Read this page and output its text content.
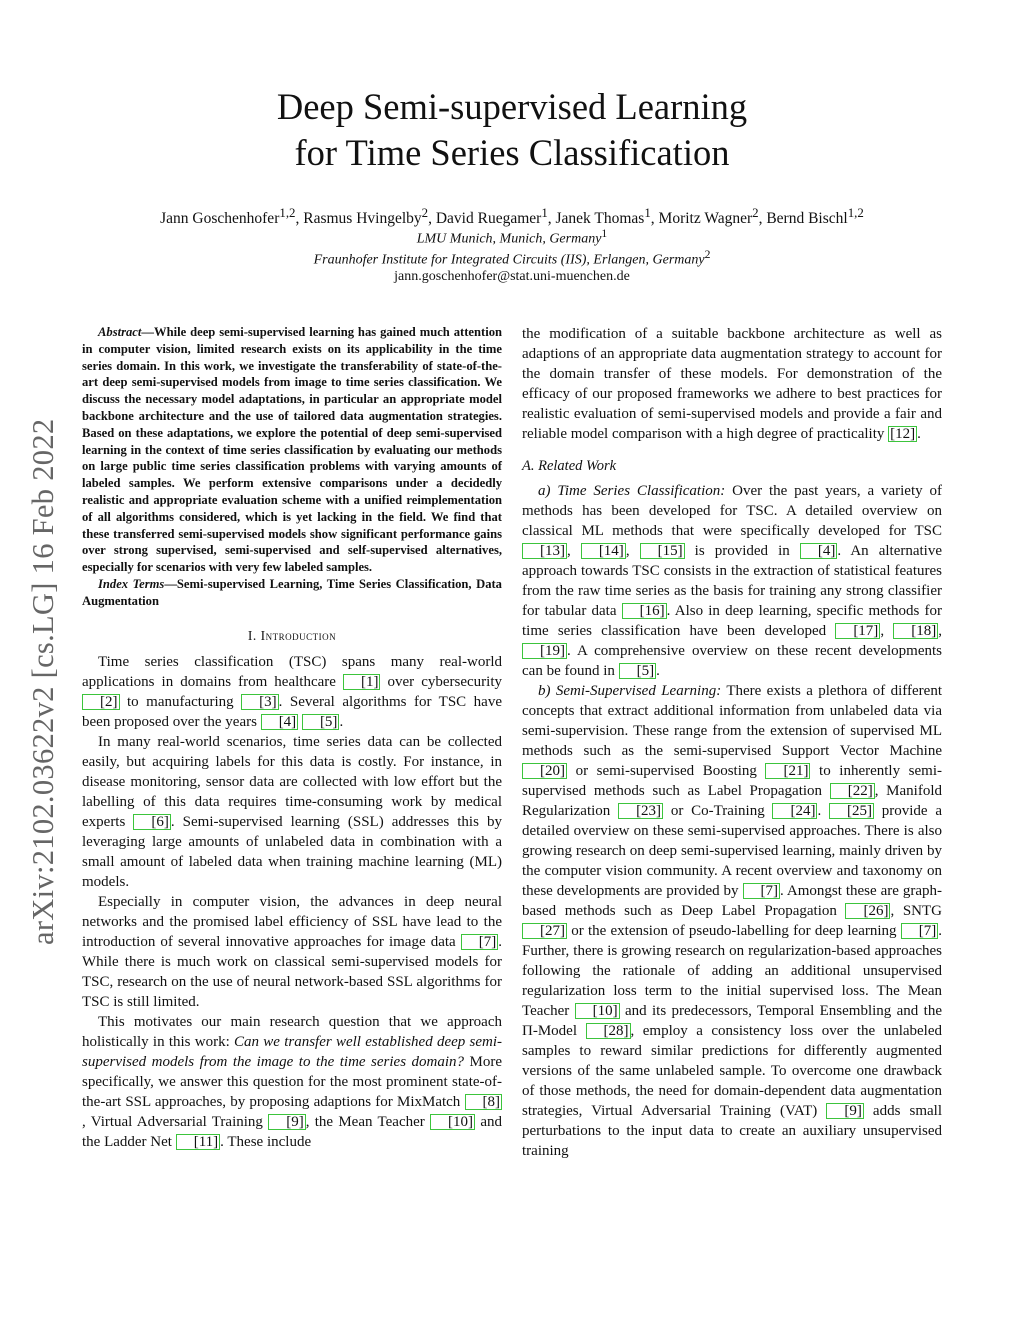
arXiv:2102.03622v2 [cs.LG] 16 Feb 2022
Deep Semi-supervised Learning
for Time Series Classification
Jann Goschenhofer$^{1,2}$, Rasmus Hvingelby$^2$, David Ruegamer$^1$, Janek Thomas$^1$, Moritz Wagner$^2$, Bernd Bischl$^{1,2}$
LMU Munich, Munich, Germany$^1$
Fraunhofer Institute for Integrated Circuits (IIS), Erlangen, Germany$^2$
jann.goschenhofer@stat.uni-muenchen.de

Abstract—While deep semi-supervised learning has gained much attention in computer vision, limited research exists on its applicability in the time series domain. In this work, we investigate the transferability of state-of-the-art deep semi-supervised models from image to time series classification. We discuss the necessary model adaptations, in particular an appropriate model backbone architecture and the use of tailored data augmentation strategies. Based on these adaptations, we explore the potential of deep semi-supervised learning in the context of time series classification by evaluating our methods on large public time series classification problems with varying amounts of labeled samples. We perform extensive comparisons under a decidedly realistic and appropriate evaluation scheme with a unified reimplementation of all algorithms considered, which is yet lacking in the field. We find that these transferred semi-supervised models show significant performance gains over strong supervised, semi-supervised and self-supervised alternatives, especially for scenarios with very few labeled samples.

Index Terms—Semi-supervised Learning, Time Series Classification, Data Augmentation

I. Introduction

Time series classification (TSC) spans many real-world applications in domains from healthcare [1] over cybersecurity [2] to manufacturing [3] . Several algorithms for TSC have been proposed over the years [4] [5] .

In many real-world scenarios, time series data can be collected easily, but acquiring labels for this data is costly. For instance, in disease monitoring, sensor data are collected with low effort but the labelling of this data requires time-consuming work by medical experts [6] . Semi-supervised learning (SSL) addresses this by leveraging large amounts of unlabeled data in combination with a small amount of labeled data when training machine learning (ML) models.

Especially in computer vision, the advances in deep neural networks and the promised label efficiency of SSL have lead to the introduction of several innovative approaches for image data [7] . While there is much work on classical semi-supervised models for TSC, research on the use of neural network-based SSL algorithms for TSC is still limited.

This motivates our main research question that we approach holistically in this work: Can we transfer well established deep semi-supervised models from the image to the time series domain? More specifically, we answer this question for the most prominent state-of-the-art SSL approaches, by proposing adaptions for MixMatch [8], Virtual Adversarial Training [9] , the Mean Teacher [10] and the Ladder Net [11] . These include

the modification of a suitable backbone architecture as well as adaptions of an appropriate data augmentation strategy to account for the domain transfer of these models. For demonstration of the efficacy of our proposed frameworks we adhere to best practices for realistic evaluation of semi-supervised models and provide a fair and reliable model comparison with a high degree of practicality [12] .

A. Related Work

a) Time Series Classification: Over the past years, a variety of methods has been developed for TSC. A detailed overview on classical ML methods that were specifically developed for TSC [13] , [14] , [15] is provided in [4] . An alternative approach towards TSC consists in the extraction of statistical features from the raw time series as the basis for training any strong classifier for tabular data [16] . Also in deep learning, specific methods for time series classification have been developed [17] , [18] , [19] . A comprehensive overview on these recent developments can be found in [5] .

b) Semi-Supervised Learning: There exists a plethora of different concepts that extract additional information from unlabeled data via semi-supervision. These range from the extension of supervised ML methods such as the semi-supervised Support Vector Machine [20] or semi-supervised Boosting [21] to inherently semi-supervised methods such as Label Propagation [22] , Manifold Regularization [23] or Co-Training [24] . [25] provide a detailed overview on these semi-supervised approaches. There is also growing research on deep semi-supervised learning, mainly driven by the computer vision community. A recent overview and taxonomy on these developments are provided by [7] . Amongst these are graph-based methods such as Deep Label Propagation [26] , SNTG [27] or the extension of pseudo-labelling for deep learning [7] . Further, there is growing research on regularization-based approaches following the rationale of adding an additional unsupervised regularization loss term to the initial supervised loss. The Mean Teacher [10] and its predecessors, Temporal Ensembling and the Π-Model [28] , employ a consistency loss over the unlabeled samples to reward similar predictions for differently augmented versions of the same unlabeled sample. To overcome one drawback of those methods, the need for domain-dependent data augmentation strategies, Virtual Adversarial Training (VAT) [9] adds small perturbations to the input data to create an auxiliary unsupervised training
